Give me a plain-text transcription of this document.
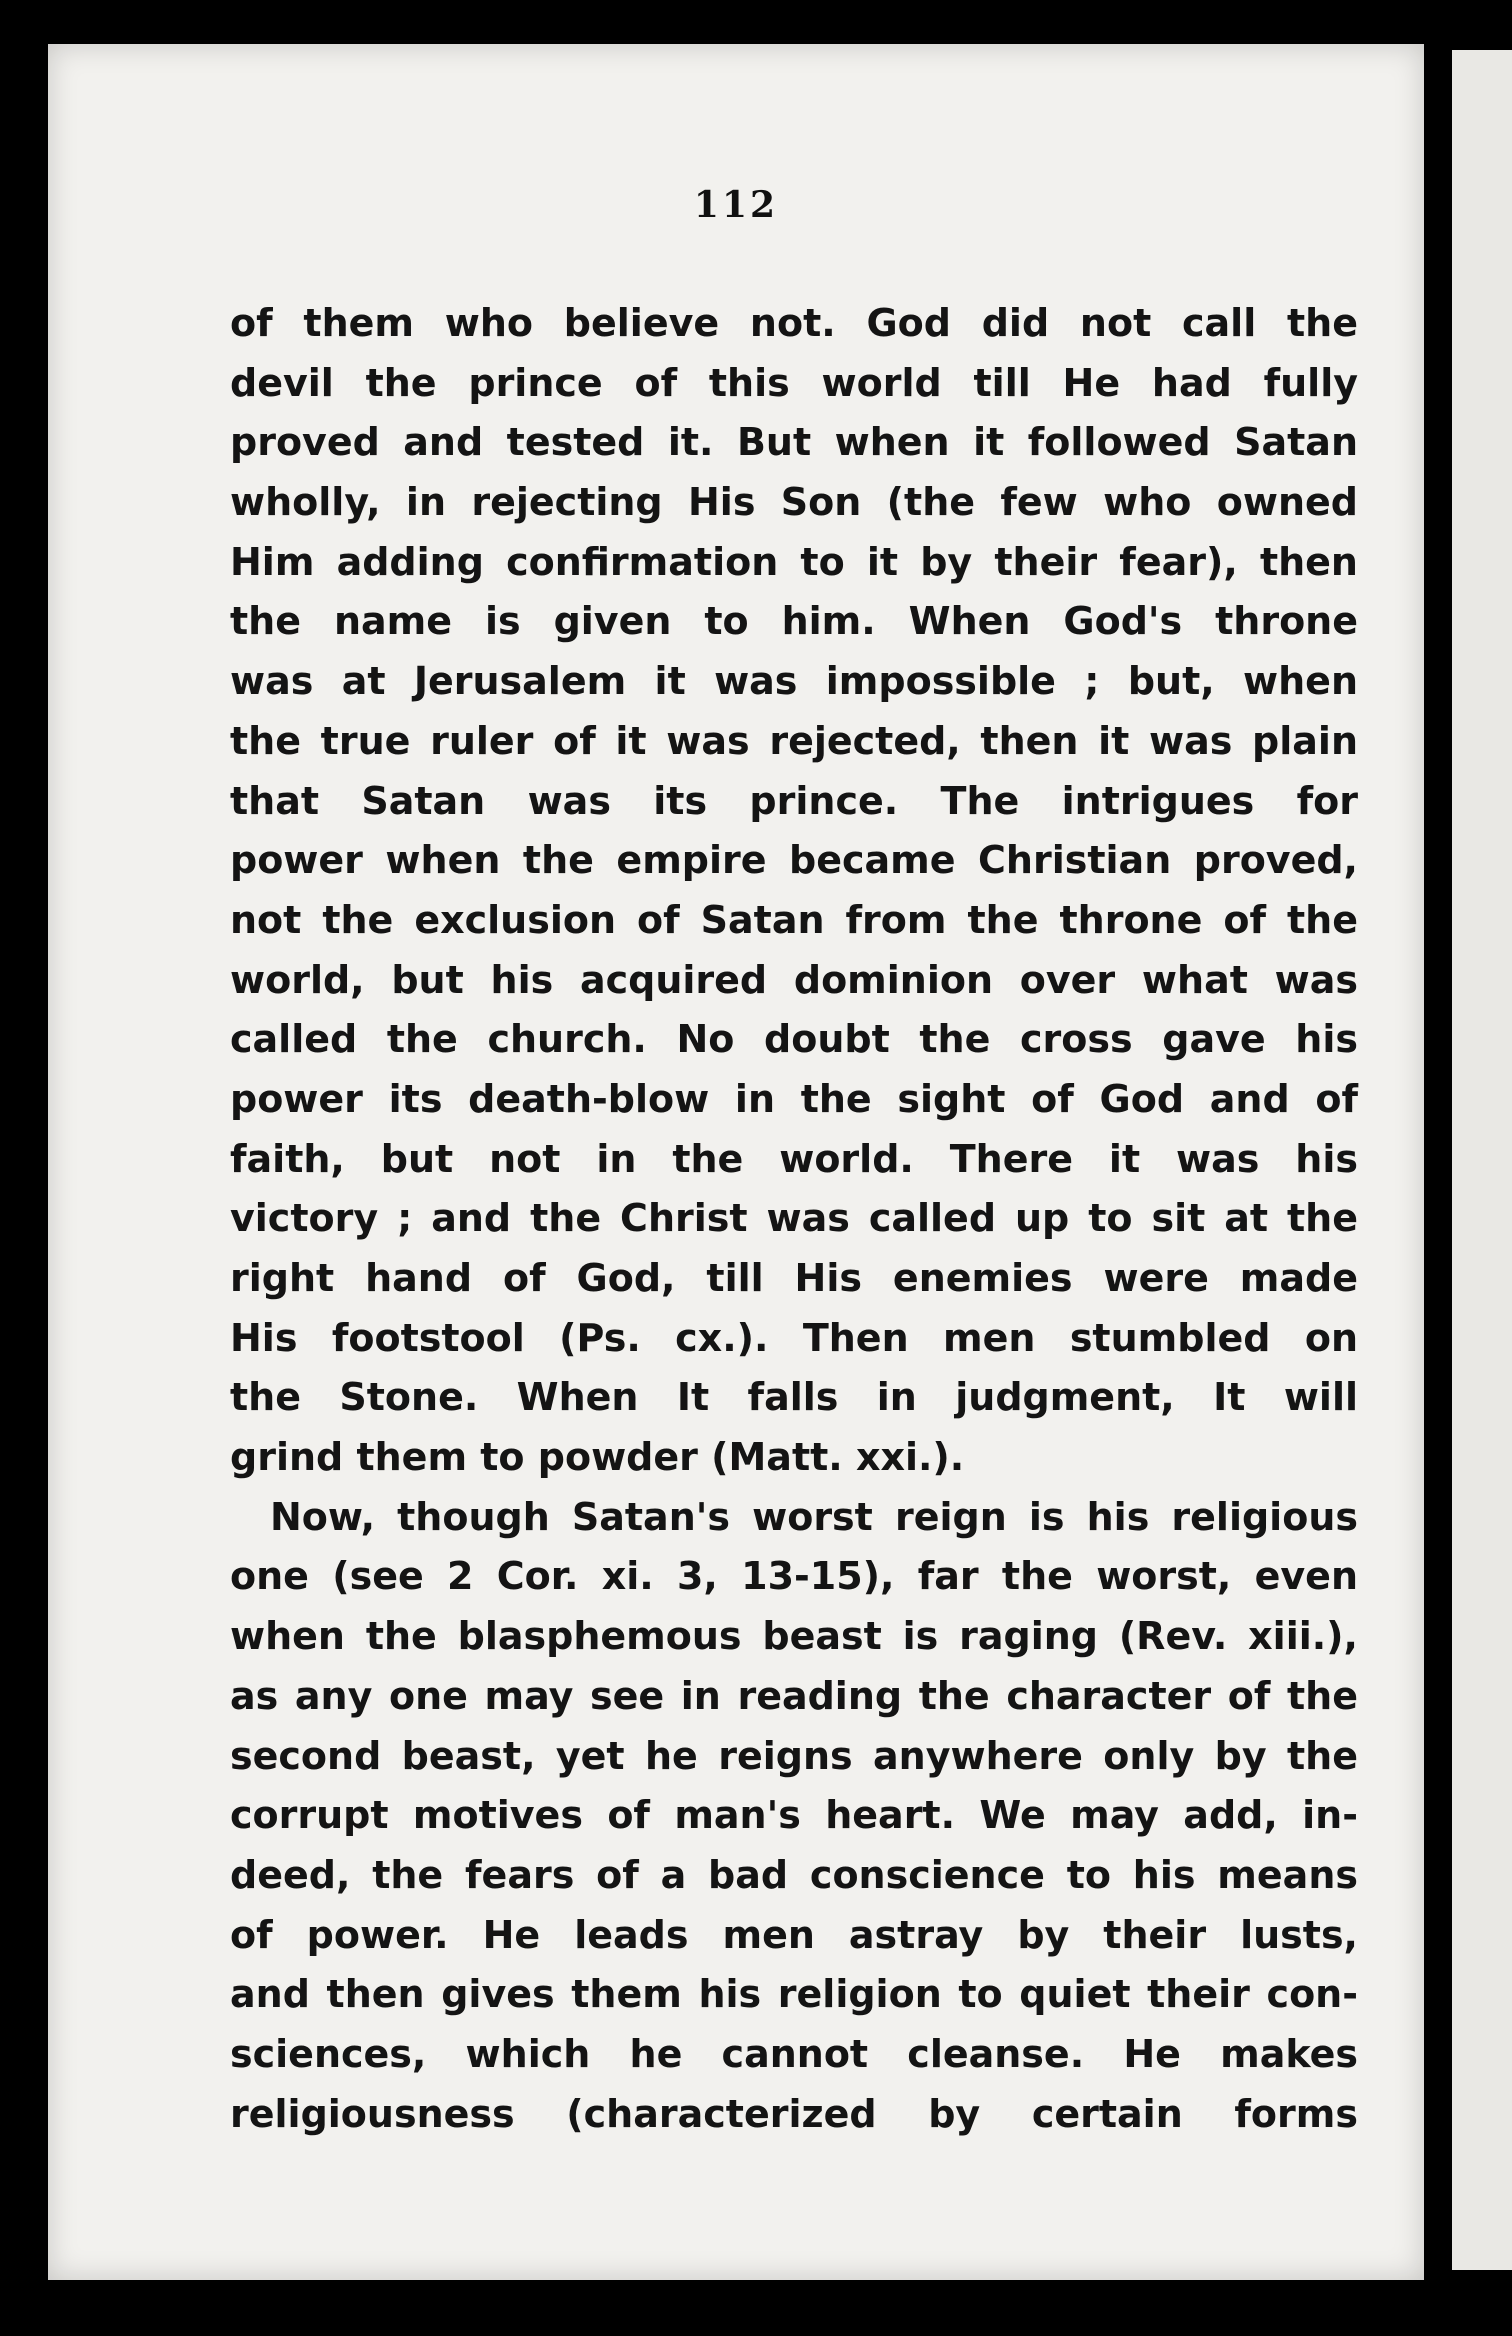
112
of them who believe not. God did not call the
devil the prince of this world till He had fully
proved and tested it. But when it followed Satan
wholly, in rejecting His Son (the few who owned
Him adding confirmation to it by their fear), then
the name is given to him. When God's throne
was at Jerusalem it was impossible ; but, when
the true ruler of it was rejected, then it was plain
that Satan was its prince. The intrigues for
power when the empire became Christian proved,
not the exclusion of Satan from the throne of the
world, but his acquired dominion over what was
called the church. No doubt the cross gave his
power its death-blow in the sight of God and of
faith, but not in the world. There it was his
victory ; and the Christ was called up to sit at the
right hand of God, till His enemies were made
His footstool (Ps. cx.). Then men stumbled on
the Stone. When It falls in judgment, It will
grind them to powder (Matt. xxi.).
Now, though Satan's worst reign is his religious
one (see 2 Cor. xi. 3, 13-15), far the worst, even
when the blasphemous beast is raging (Rev. xiii.),
as any one may see in reading the character of the
second beast, yet he reigns anywhere only by the
corrupt motives of man's heart. We may add, in-
deed, the fears of a bad conscience to his means
of power. He leads men astray by their lusts,
and then gives them his religion to quiet their con-
sciences, which he cannot cleanse. He makes
religiousness (characterized by certain forms
